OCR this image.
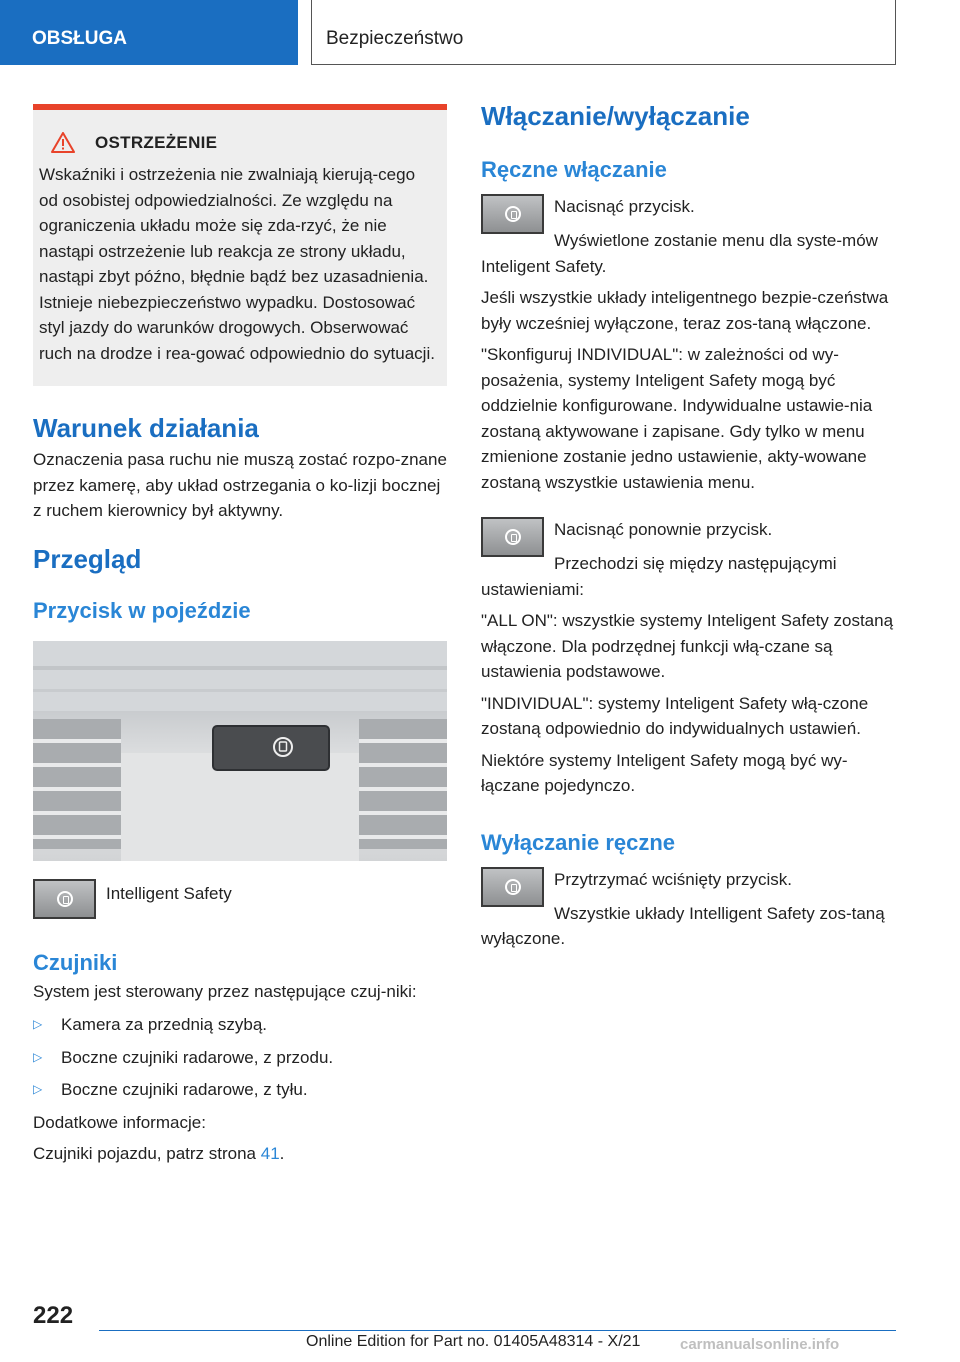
OBSŁUGA	Bezpieczeństwo
OSTRZEŻENIE

Wskaźniki i ostrzeżenia nie zwalniają kierują-cego od osobistej odpowiedzialności. Ze względu na ograniczenia układu może się zda-rzyć, że nie nastąpi ostrzeżenie lub reakcja ze strony układu, nastąpi zbyt późno, błędnie bądź bez uzasadnienia. Istnieje niebezpieczeństwo wypadku. Dostosować styl jazdy do warunków drogowych. Obserwować ruch na drodze i rea-gować odpowiednio do sytuacji.

Warunek działania

Oznaczenia pasa ruchu nie muszą zostać rozpo-znane przez kamerę, aby układ ostrzegania o ko-lizji bocznej z ruchem kierownicy był aktywny.

Przegląd
Przycisk w pojeździe
Intelligent Safety
Czujniki

System jest sterowany przez następujące czuj-niki:

▷	Kamera za przednią szybą.
▷	Boczne czujniki radarowe, z przodu.
▷	Boczne czujniki radarowe, z tyłu.

Dodatkowe informacje:

Czujniki pojazdu, patrz strona 41.

Włączanie/wyłączanie
Ręczne włączanie
Nacisnąć przycisk.

Wyświetlone zostanie menu dla syste-mów Inteligent Safety.

Jeśli wszystkie układy inteligentnego bezpie-czeństwa były wcześniej wyłączone, teraz zos-taną włączone.

"Skonfiguruj INDIVIDUAL": w zależności od wy-posażenia, systemy Inteligent Safety mogą być oddzielnie konfigurowane. Indywidualne ustawie-nia zostaną aktywowane i zapisane. Gdy tylko w menu zmienione zostanie jedno ustawienie, akty-wowane zostaną wszystkie ustawienia menu.

Nacisnąć ponownie przycisk.

Przechodzi się między następującymi ustawieniami:

"ALL ON": wszystkie systemy Inteligent Safety zostaną włączone. Dla podrzędnej funkcji włą-czane są ustawienia podstawowe.

"INDIVIDUAL": systemy Inteligent Safety włą-czone zostaną odpowiednio do indywidualnych ustawień.

Niektóre systemy Inteligent Safety mogą być wy-łączane pojedynczo.

Wyłączanie ręczne
Przytrzymać wciśnięty przycisk.

Wszystkie układy Intelligent Safety zos-taną wyłączone.

222
Online Edition for Part no. 01405A48314 - X/21	carmanualsonline.info
